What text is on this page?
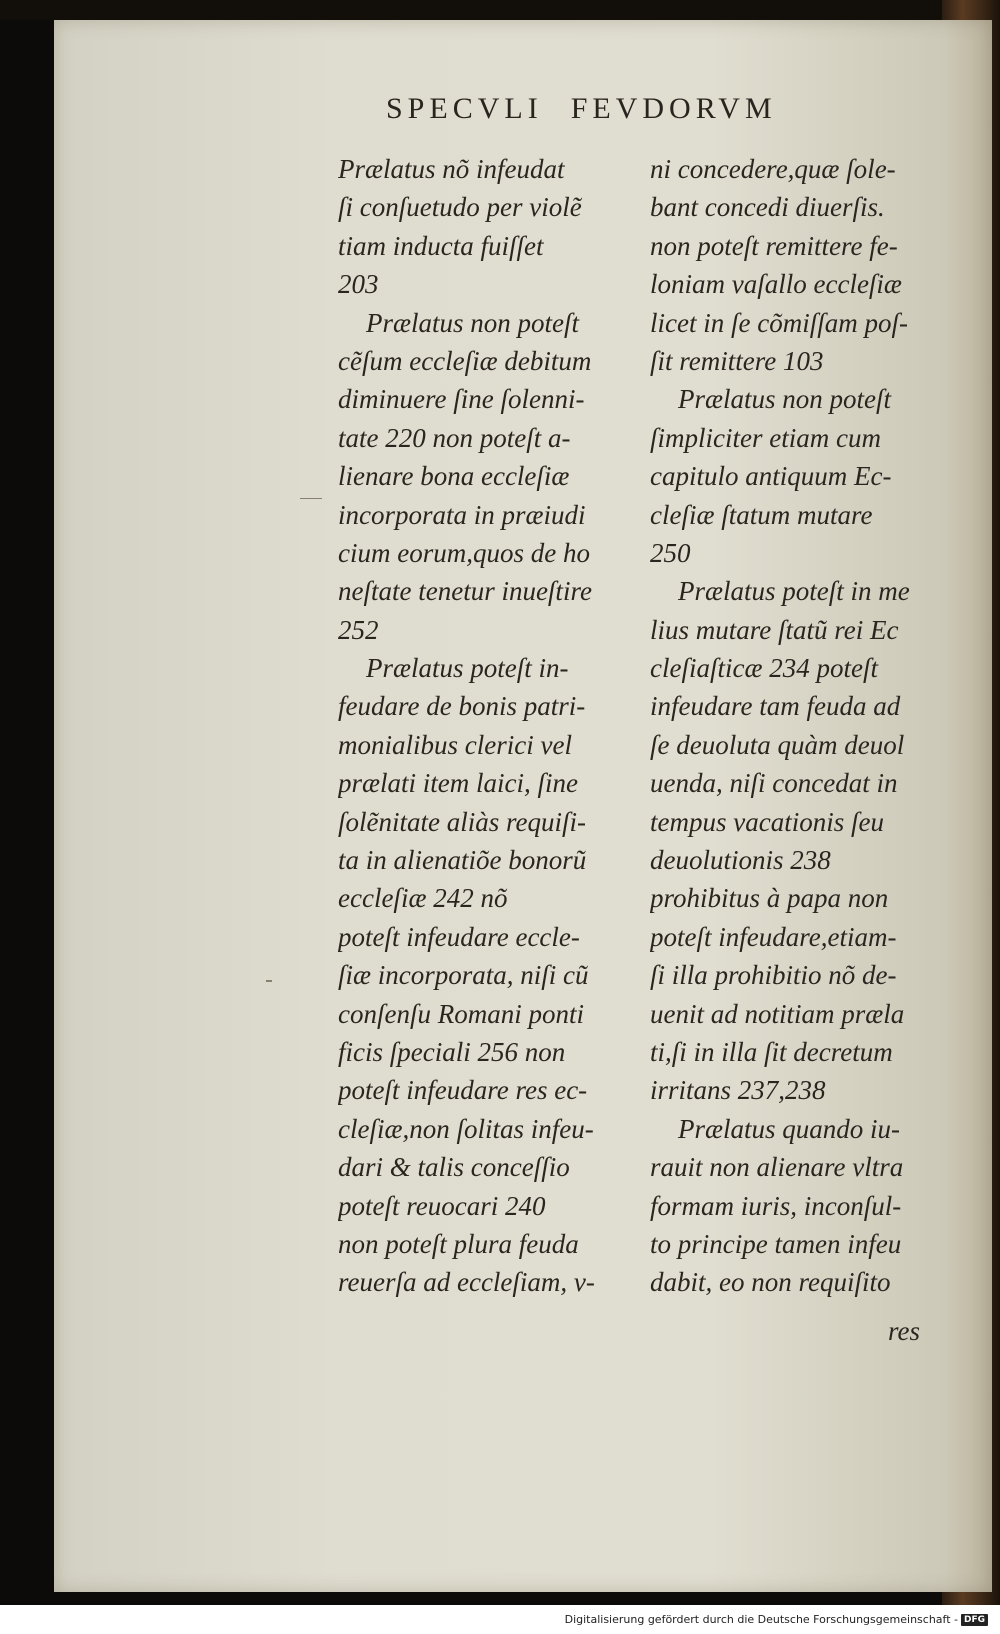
SPECVLI FEVDORVM
Prælatus nõ infeudat
ſi conſuetudo per violẽ
tiam inducta fuiſſet
203
Prælatus non poteſt
cẽſum eccleſiæ debitum
diminuere ſine ſolenni-
tate 220 non poteſt a-
lienare bona eccleſiæ
incorporata in præiudi
cium eorum,quos de ho
neſtate tenetur inueſtire
252
Prælatus poteſt in-
feudare de bonis patri-
monialibus clerici vel
prælati item laici, ſine
ſolẽnitate aliàs requiſi-
ta in alienatiõe bonorũ
eccleſiæ 242 nõ
poteſt infeudare eccle-
ſiæ incorporata, niſi cũ
conſenſu Romani ponti
ficis ſpeciali 256 non
poteſt infeudare res ec-
cleſiæ,non ſolitas infeu-
dari & talis conceſſio
poteſt reuocari 240
non poteſt plura feuda
reuerſa ad eccleſiam, v-
ni concedere,quæ ſole-
bant concedi diuerſis.
non poteſt remittere fe-
loniam vaſallo eccleſiæ
licet in ſe cõmiſſam poſ-
ſit remittere 103
Prælatus non poteſt
ſimpliciter etiam cum
capitulo antiquum Ec-
cleſiæ ſtatum mutare
250
Prælatus poteſt in me
lius mutare ſtatũ rei Ec
cleſiaſticæ 234 poteſt
infeudare tam feuda ad
ſe deuoluta quàm deuol
uenda, niſi concedat in
tempus vacationis ſeu
deuolutionis 238
prohibitus à papa non
poteſt infeudare,etiam-
ſi illa prohibitio nõ de-
uenit ad notitiam præla
ti,ſi in illa ſit decretum
irritans 237,238
Prælatus quando iu-
rauit non alienare vltra
formam iuris, inconſul-
to principe tamen infeu
dabit, eo non requiſito
res
Digitalisierung gefördert durch die Deutsche Forschungsgemeinschaft - DFG
